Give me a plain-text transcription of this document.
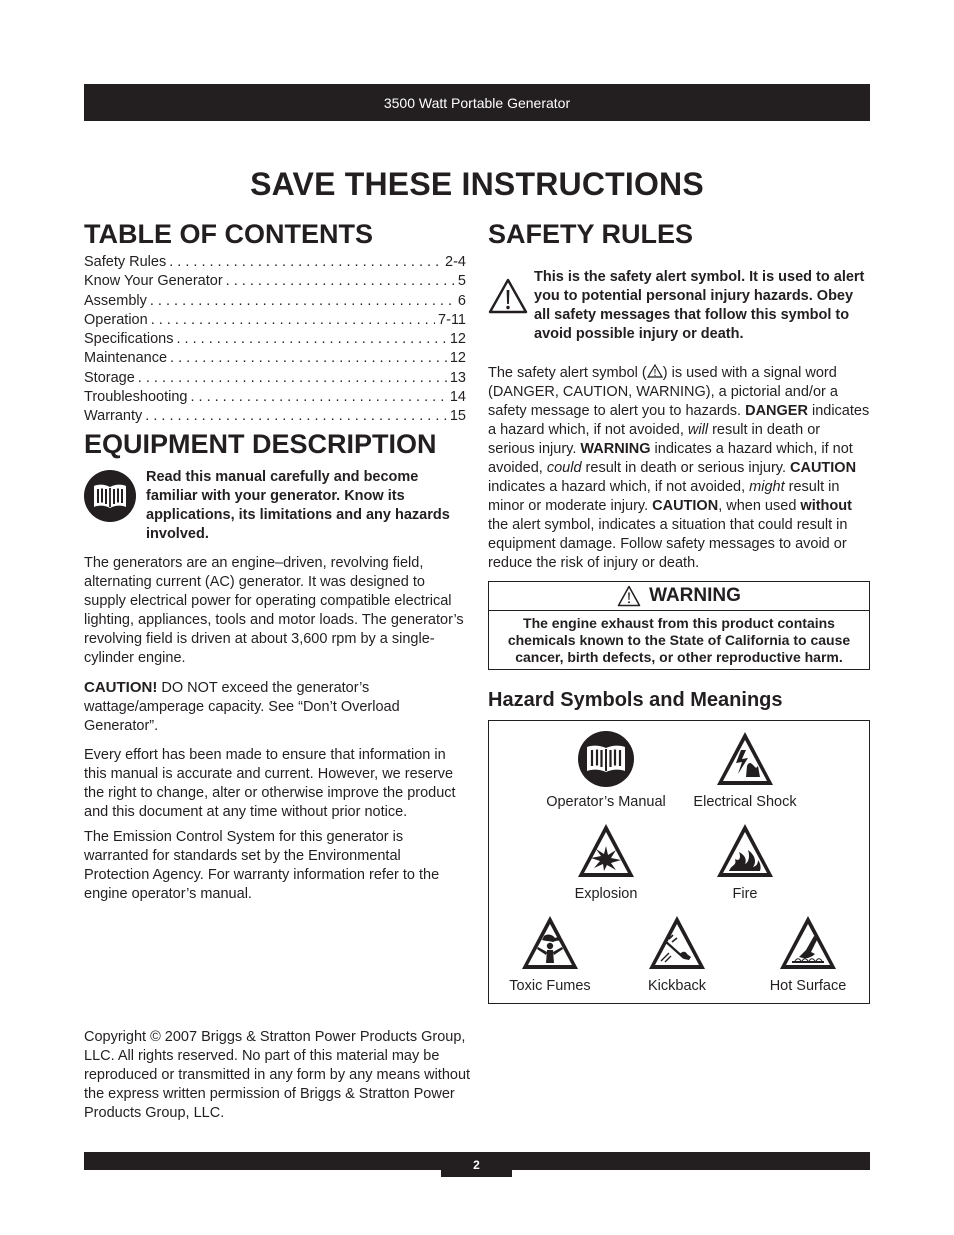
3500 Watt Portable Generator
SAVE THESE INSTRUCTIONS
TABLE OF CONTENTS
Safety Rules . . .	2-4
Know Your Generator . . .	5
Assembly . . .	6
Operation . . .	7-11
Specifications . . .	12
Maintenance . . .	12
Storage . . .	13
Troubleshooting . . .	14
Warranty . . .	15
EQUIPMENT DESCRIPTION
Read this manual carefully and become familiar with your generator. Know its applications, its limitations and any hazards involved.

The generators are an engine–driven, revolving field, alternating current (AC) generator. It was designed to supply electrical power for operating compatible electrical lighting, appliances, tools and motor loads. The generator’s revolving field is driven at about 3,600 rpm by a single-cylinder engine.

CAUTION! DO NOT exceed the generator’s wattage/amperage capacity. See “Don’t Overload Generator”.

Every effort has been made to ensure that information in this manual is accurate and current. However, we reserve the right to change, alter or otherwise improve the product and this document at any time without prior notice.

The Emission Control System for this generator is warranted for standards set by the Environmental Protection Agency. For warranty information refer to the engine operator’s manual.

Copyright © 2007 Briggs & Stratton Power Products Group, LLC. All rights reserved. No part of this material may be reproduced or transmitted in any form by any means without the express written permission of Briggs & Stratton Power Products Group, LLC.
SAFETY RULES
This is the safety alert symbol. It is used to alert you to potential personal injury hazards. Obey all safety messages that follow this symbol to avoid possible injury or death.

The safety alert symbol ( ) is used with a signal word (DANGER, CAUTION, WARNING), a pictorial and/or a safety message to alert you to hazards. DANGER indicates a hazard which, if not avoided, will result in death or serious injury. WARNING indicates a hazard which, if not avoided, could result in death or serious injury. CAUTION indicates a hazard which, if not avoided, might result in minor or moderate injury. CAUTION, when used without the alert symbol, indicates a situation that could result in equipment damage. Follow safety messages to avoid or reduce the risk of injury or death.

WARNING
The engine exhaust from this product contains chemicals known to the State of California to cause cancer, birth defects, or other reproductive harm.
Hazard Symbols and Meanings
Operator’s Manual	Electrical Shock
Explosion	Fire
Toxic Fumes	Kickback	Hot Surface
2
